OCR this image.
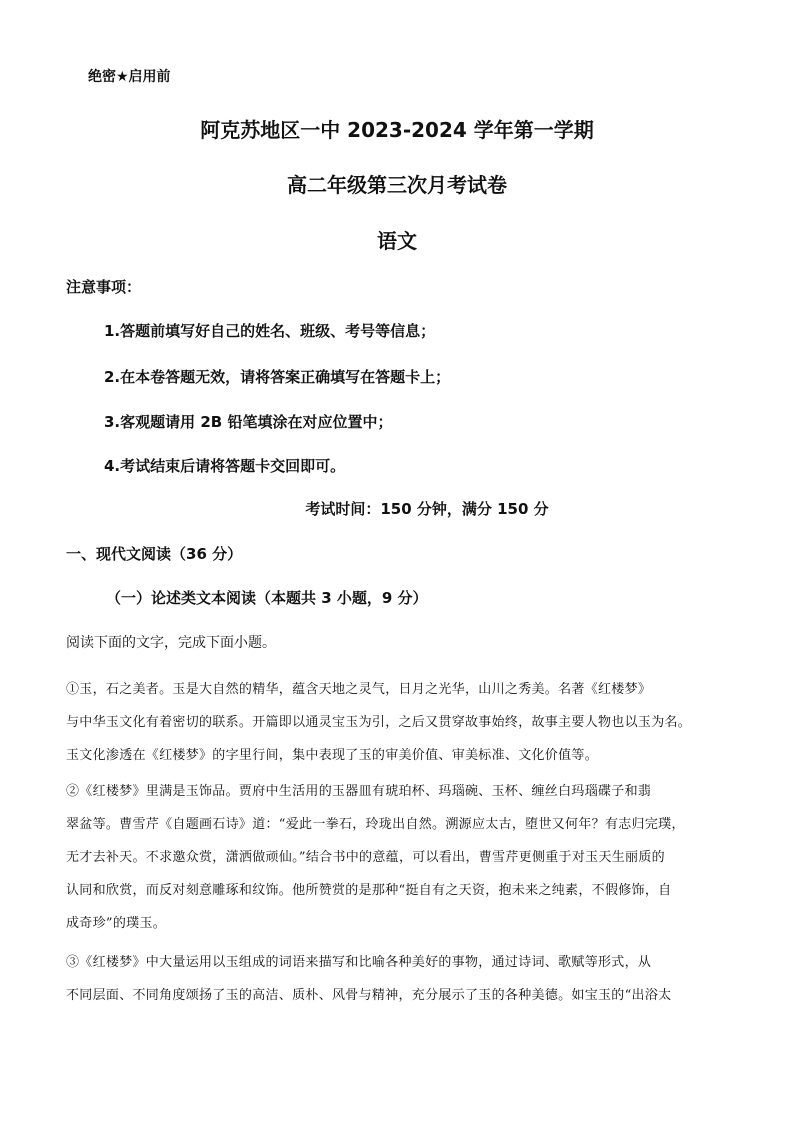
绝密★启用前
阿克苏地区一中 2023-2024 学年第一学期
高二年级第三次月考试卷
语文
注意事项：
1.答题前填写好自己的姓名、班级、考号等信息；
2.在本卷答题无效，请将答案正确填写在答题卡上；
3.客观题请用 2B 铅笔填涂在对应位置中；
4.考试结束后请将答题卡交回即可。
考试时间：150 分钟，满分 150 分
一、现代文阅读（36 分）
（一）论述类文本阅读（本题共 3 小题，9 分）
阅读下面的文字，完成下面小题。
①玉，石之美者。玉是大自然的精华，蕴含天地之灵气，日月之光华，山川之秀美。名著《红楼梦》
与中华玉文化有着密切的联系。开篇即以通灵宝玉为引，之后又贯穿故事始终，故事主要人物也以玉为名。
玉文化渗透在《红楼梦》的字里行间，集中表现了玉的审美价值、审美标准、文化价值等。
②《红楼梦》里满是玉饰品。贾府中生活用的玉器皿有琥珀杯、玛瑙碗、玉杯、缠丝白玛瑙碟子和翡
翠盆等。曹雪芹《自题画石诗》道：“爱此一拳石，玲珑出自然。溯源应太古，堕世又何年？有志归完璞，
无才去补天。不求邀众赏，潇洒做顽仙。”结合书中的意蕴，可以看出，曹雪芹更侧重于对玉天生丽质的
认同和欣赏，而反对刻意雕琢和纹饰。他所赞赏的是那种“挺自有之天资，抱未来之纯素，不假修饰，自
成奇珍”的璞玉。
③《红楼梦》中大量运用以玉组成的词语来描写和比喻各种美好的事物，通过诗词、歌赋等形式，从
不同层面、不同角度颂扬了玉的高洁、质朴、风骨与精神，充分展示了玉的各种美德。如宝玉的“出浴太
